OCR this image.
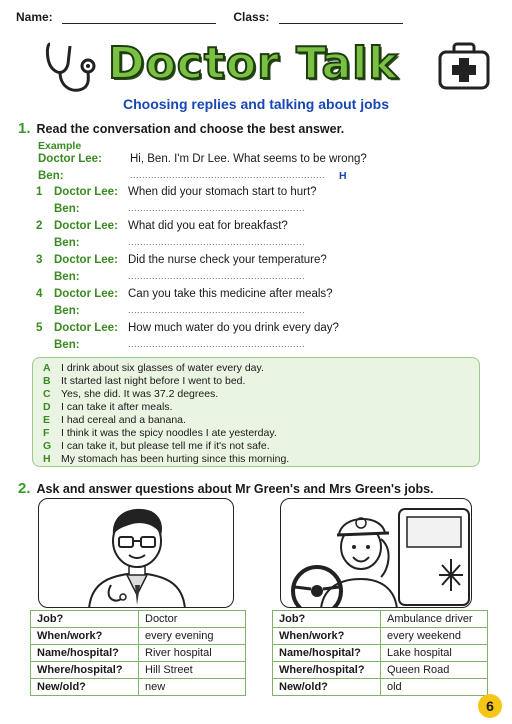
Name:	Class:
Doctor Talk
Choosing replies and talking about jobs
1. Read the conversation and choose the best answer.
Example
Doctor Lee:	Hi, Ben. I'm Dr Lee. What seems to be wrong?
Ben:	................................................................. H
1	Doctor Lee: When did your stomach start to hurt?
Ben:	...........................................................
2	Doctor Lee: What did you eat for breakfast?
Ben:	...........................................................
3	Doctor Lee: Did the nurse check your temperature?
Ben:	...........................................................
4	Doctor Lee: Can you take this medicine after meals?
Ben:	...........................................................
5	Doctor Lee: How much water do you drink every day?
Ben:	...........................................................
A I drink about six glasses of water every day.
B It started last night before I went to bed.
C Yes, she did. It was 37.2 degrees.
D I can take it after meals.
E	I had cereal and a banana.
F	I think it was the spicy noodles I ate yesterday.
G I can take it, but please tell me if it's not safe.
H My stomach has been hurting since this morning.
2. Ask and answer questions about Mr Green's and Mrs Green's jobs.
Job?	Doctor
When/work?	every evening
Name/hospital?	River hospital
Where/hospital?	Hill Street
New/old?	new
Job?	Ambulance driver
When/work?	every weekend
Name/hospital?	Lake hospital
Where/hospital?	Queen Road
New/old?	old
6
